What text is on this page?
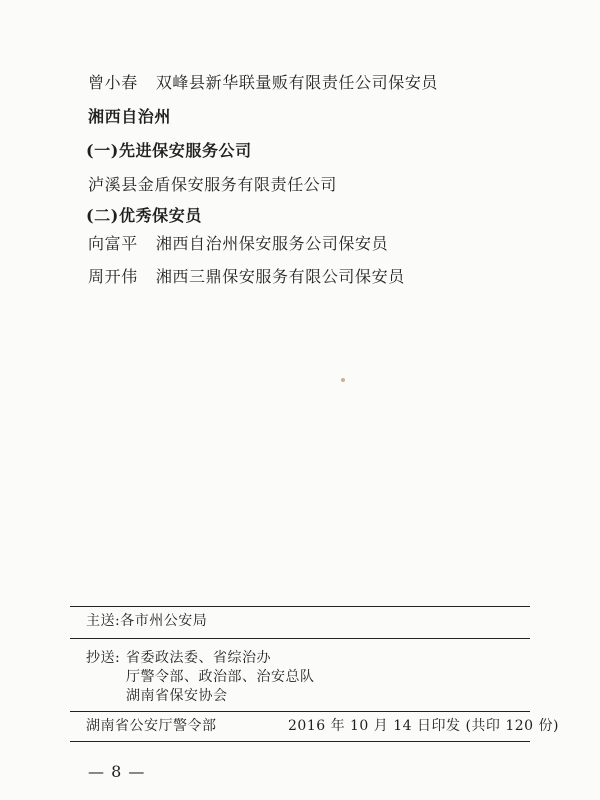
曾小春 双峰县新华联量贩有限责任公司保安员
湘西自治州
(一)先进保安服务公司
泸溪县金盾保安服务有限责任公司
(二)优秀保安员
向富平 湘西自治州保安服务公司保安员
周开伟 湘西三鼎保安服务有限公司保安员
主送:各市州公安局
抄送: 省委政法委、省综治办
厅警令部、政治部、治安总队
湖南省保安协会
湖南省公安厅警令部	2016 年 10 月 14 日印发 (共印 120 份)
— 8 —
